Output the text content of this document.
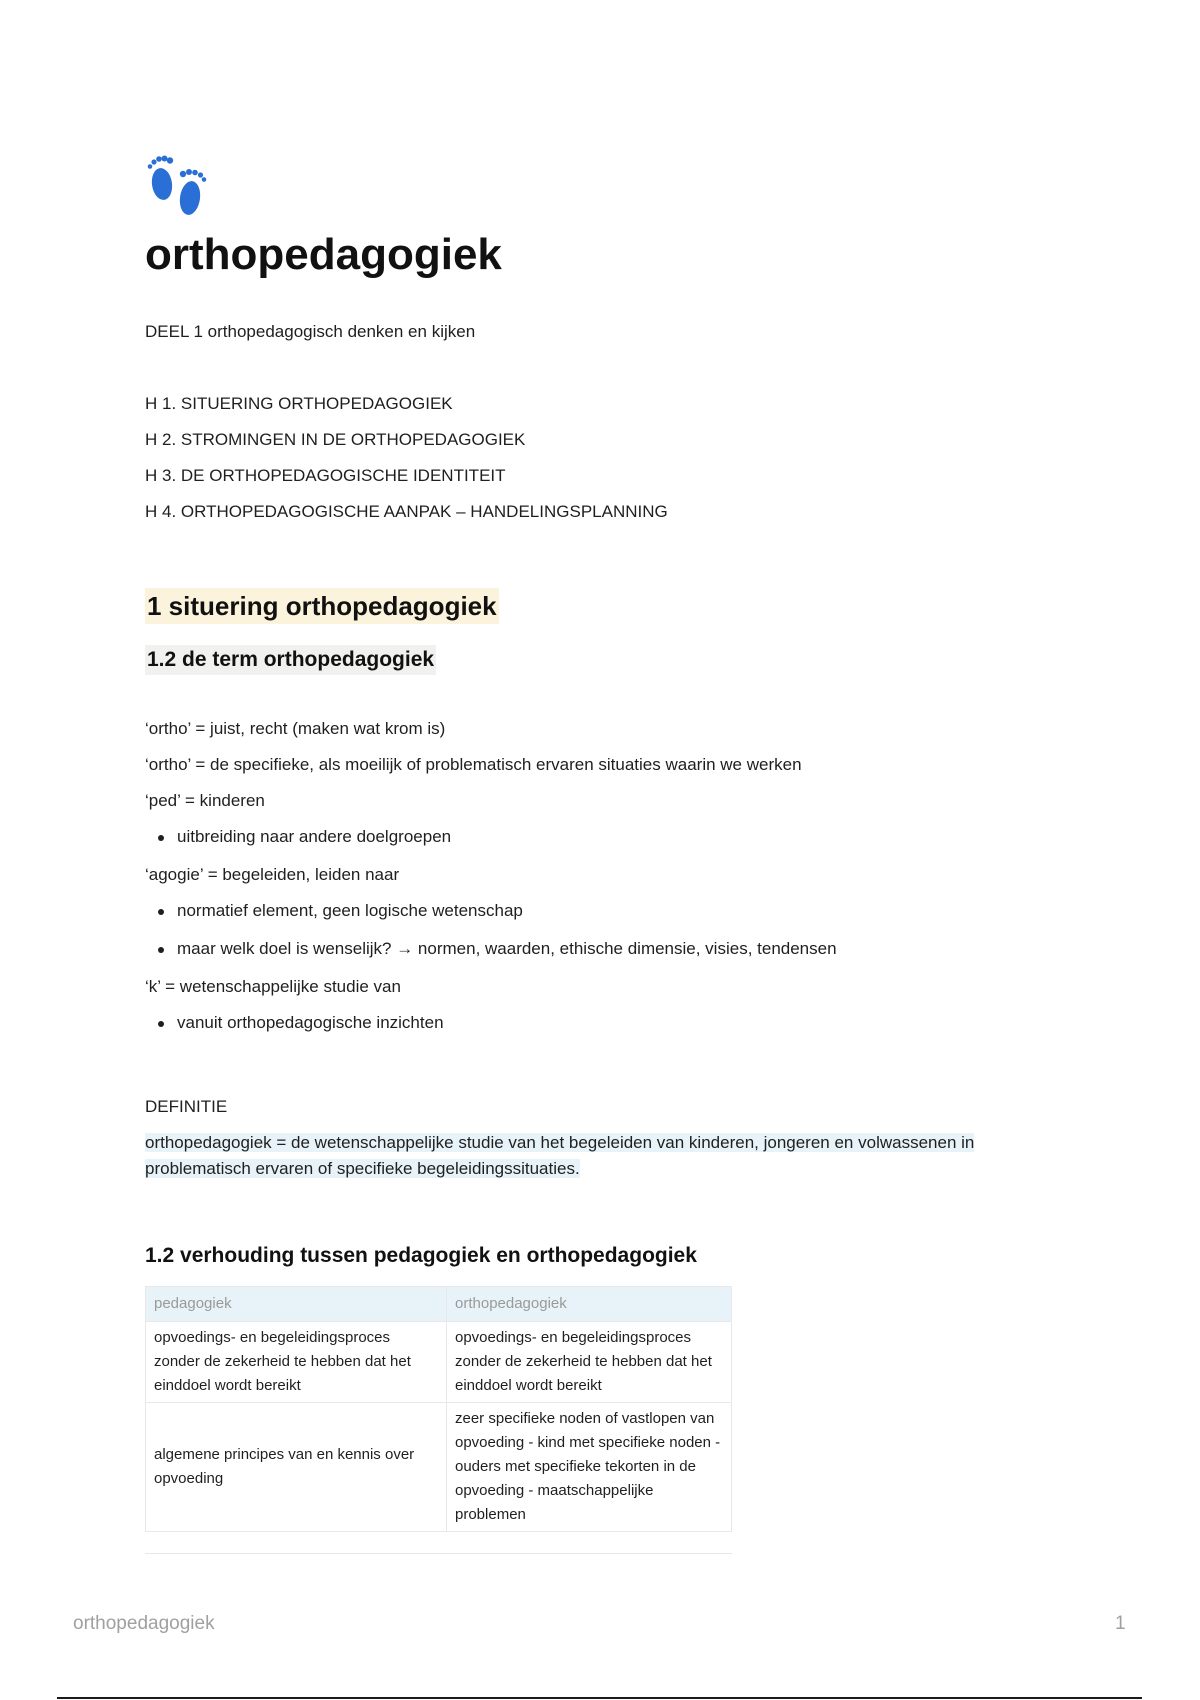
orthopedagogiek
DEEL 1 orthopedagogisch denken en kijken
H 1. SITUERING ORTHOPEDAGOGIEK
H 2. STROMINGEN IN DE ORTHOPEDAGOGIEK
H 3. DE ORTHOPEDAGOGISCHE IDENTITEIT
H 4. ORTHOPEDAGOGISCHE AANPAK – HANDELINGSPLANNING
1 situering orthopedagogiek
1.2 de term orthopedagogiek

‘ortho’ = juist, recht (maken wat krom is)

‘ortho’ = de specifieke, als moeilijk of problematisch ervaren situaties waarin we werken

‘ped’ = kinderen

uitbreiding naar andere doelgroepen

‘agogie’ = begeleiden, leiden naar

normatief element, geen logische wetenschap
maar welk doel is wenselijk? → normen, waarden, ethische dimensie, visies, tendensen

‘k’ = wetenschappelijke studie van

vanuit orthopedagogische inzichten
DEFINITIE
orthopedagogiek = de wetenschappelijke studie van het begeleiden van kinderen, jongeren en volwassenen in problematisch ervaren of specifieke begeleidingssituaties.
1.2 verhouding tussen pedagogiek en orthopedagogiek
pedagogiek	orthopedagogiek
opvoedings- en begeleidingsproces zonder de zekerheid te hebben dat het einddoel wordt bereikt	opvoedings- en begeleidingsproces zonder de zekerheid te hebben dat het einddoel wordt bereikt
algemene principes van en kennis over opvoeding	zeer specifieke noden of vastlopen van opvoeding - kind met specifieke noden - ouders met specifieke tekorten in de opvoeding - maatschappelijke problemen
orthopedagogiek	1
